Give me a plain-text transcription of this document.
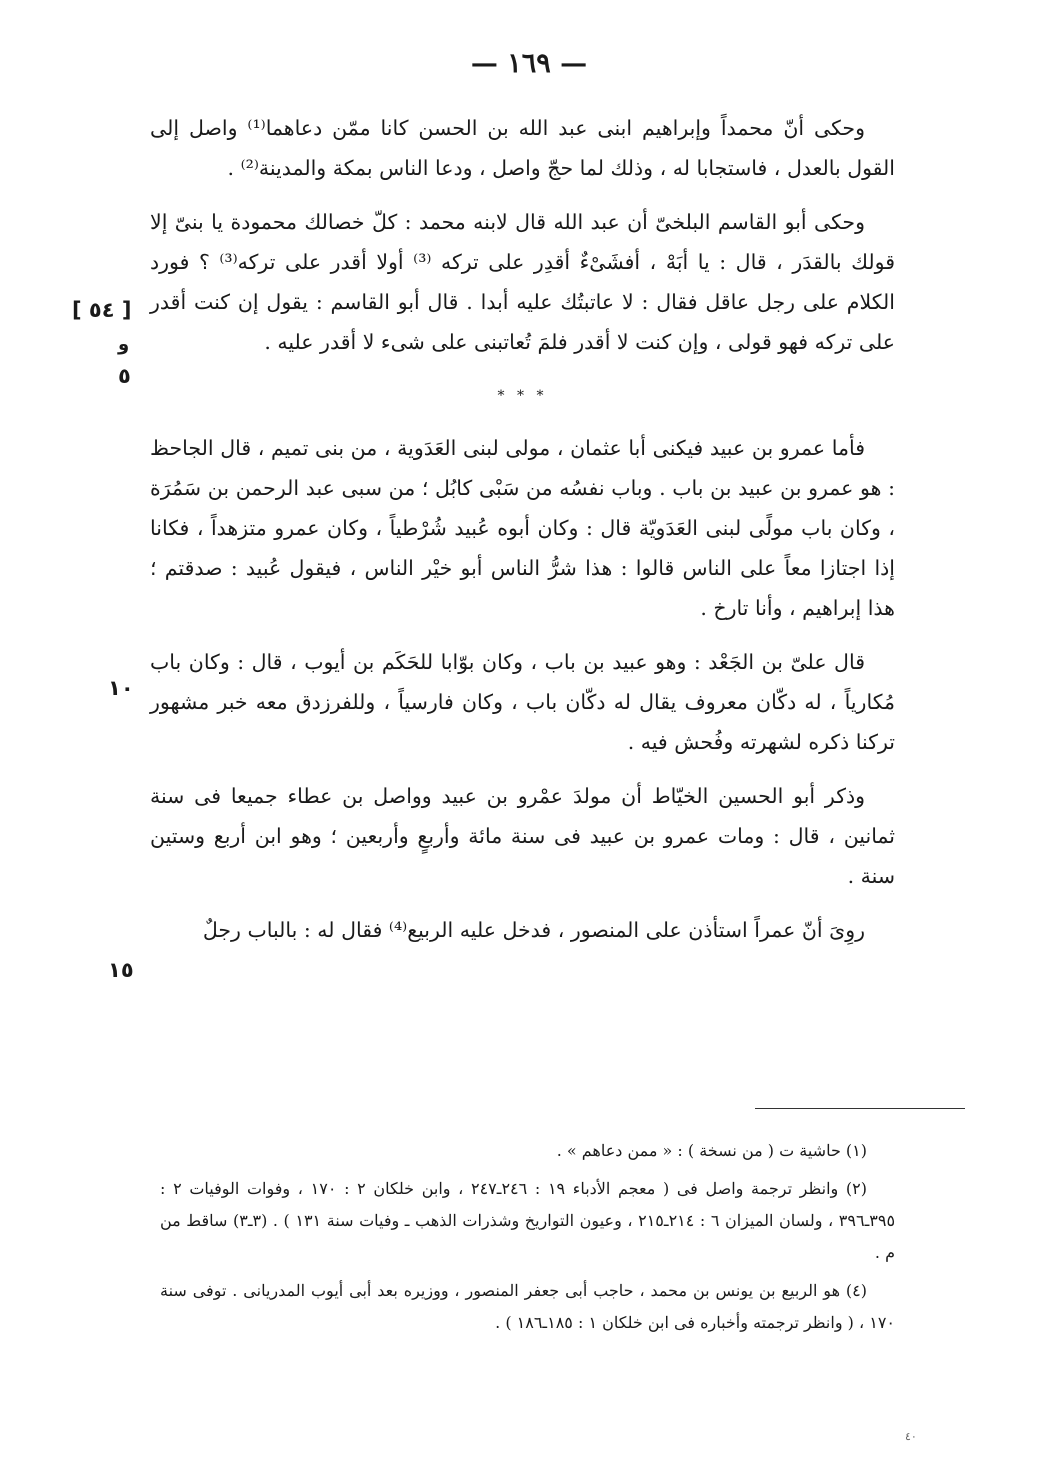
— ١٦٩ —

وحكى أنّ محمداً وإبراهيم ابنى عبد الله بن الحسن كانا ممّن دعاهما⁽¹⁾ واصل إلى القول بالعدل ، فاستجابا له ، وذلك لما حجّ واصل ، ودعا الناس بمكة والمدينة⁽²⁾ .

وحكى أبو القاسم البلخىّ أن عبد الله قال لابنه محمد : كلّ خصالك محمودة يا بنىّ إلا قولك بالقدَر ، قال : يا أبَهْ ، أفشَىْءٌ أقدِر على تركه ⁽³⁾ أولا أقدر على تركه⁽³⁾ ؟ فورد الكلام على رجل عاقل فقال : لا عاتبتُك عليه أبدا . قال أبو القاسم : يقول إن كنت أقدر على تركه فهو قولى ، وإن كنت لا أقدر فلمَ تُعاتبنى على شىء لا أقدر عليه .

* * *

فأما عمرو بن عبيد فيكنى أبا عثمان ، مولى لبنى العَدَوية ، من بنى تميم ، قال الجاحظ : هو عمرو بن عبيد بن باب . وباب نفسُه من سَبْى كابُل ؛ من سبى عبد الرحمن بن سَمُرَة ، وكان باب مولًى لبنى العَدَويّة قال : وكان أبوه عُبيد شُرْطياً ، وكان عمرو متزهداً ، فكانا إذا اجتازا معاً على الناس قالوا : هذا شرُّ الناس أبو خيْر الناس ، فيقول عُبيد : صدقتم ؛ هذا إبراهيم ، وأنا تارخ .

قال علىّ بن الجَعْد : وهو عبيد بن باب ، وكان بوّابا للحَكَم بن أيوب ، قال : وكان باب مُكارياً ، له دكّان معروف يقال له دكّان باب ، وكان فارسياً ، وللفرزدق معه خبر مشهور تركنا ذكره لشهرته وفُحش فيه .

وذكر أبو الحسين الخيّاط أن مولدَ عمْرو بن عبيد وواصل بن عطاء جميعا فى سنة ثمانين ، قال : ومات عمرو بن عبيد فى سنة مائة وأربعٍ وأربعين ؛ وهو ابن أربع وستين سنة .

روِىَ أنّ عمراً استأذن على المنصور ، فدخل عليه الربيع⁽⁴⁾ فقال له : بالباب رجلٌ

[ ٥٤ ]
و
٥
١٠
١٥

(١) حاشية ت ( من نسخة ) : « ممن دعاهم » .

(٢) وانظر ترجمة واصل فى ( معجم الأدباء ١٩ : ٢٤٦ـ٢٤٧ ، وابن خلكان ٢ : ١٧٠ ، وفوات الوفيات ٢ : ٣٩٥ـ٣٩٦ ، ولسان الميزان ٦ : ٢١٤ـ٢١٥ ، وعيون التواريخ وشذرات الذهب ـ وفيات سنة ١٣١ ) . (٣ـ٣) ساقط من م .

(٤) هو الربيع بن يونس بن محمد ، حاجب أبى جعفر المنصور ، ووزيره بعد أبى أيوب المدريانى . توفى سنة ١٧٠ ، ( وانظر ترجمته وأخباره فى ابن خلكان ١ : ١٨٥ـ١٨٦ ) .

٤٠
